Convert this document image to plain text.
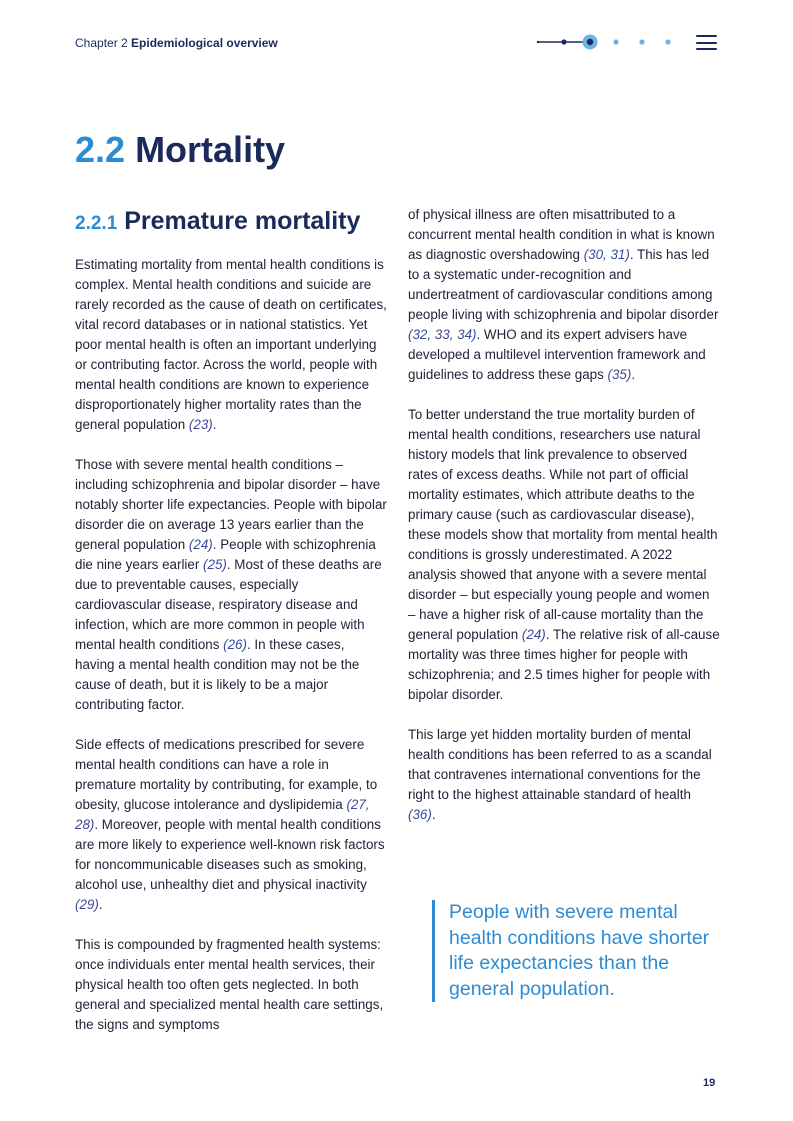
Chapter 2 Epidemiological overview
2.2 Mortality
2.2.1 Premature mortality

Estimating mortality from mental health conditions is complex. Mental health conditions and suicide are rarely recorded as the cause of death on certificates, vital record databases or in national statistics. Yet poor mental health is often an important underlying or contributing factor. Across the world, people with mental health conditions are known to experience disproportionately higher mortality rates than the general population (23).

Those with severe mental health conditions – including schizophrenia and bipolar disorder – have notably shorter life expectancies. People with bipolar disorder die on average 13 years earlier than the general population (24). People with schizophrenia die nine years earlier (25). Most of these deaths are due to preventable causes, especially cardiovascular disease, respiratory disease and infection, which are more common in people with mental health conditions (26). In these cases, having a mental health condition may not be the cause of death, but it is likely to be a major contributing factor.

Side effects of medications prescribed for severe mental health conditions can have a role in premature mortality by contributing, for example, to obesity, glucose intolerance and dyslipidemia (27, 28). Moreover, people with mental health conditions are more likely to experience well-known risk factors for noncommunicable diseases such as smoking, alcohol use, unhealthy diet and physical inactivity (29).

This is compounded by fragmented health systems: once individuals enter mental health services, their physical health too often gets neglected. In both general and specialized mental health care settings, the signs and symptoms

of physical illness are often misattributed to a concurrent mental health condition in what is known as diagnostic overshadowing (30, 31). This has led to a systematic under-recognition and undertreatment of cardiovascular conditions among people living with schizophrenia and bipolar disorder (32, 33, 34). WHO and its expert advisers have developed a multilevel intervention framework and guidelines to address these gaps (35).

To better understand the true mortality burden of mental health conditions, researchers use natural history models that link prevalence to observed rates of excess deaths. While not part of official mortality estimates, which attribute deaths to the primary cause (such as cardiovascular disease), these models show that mortality from mental health conditions is grossly underestimated. A 2022 analysis showed that anyone with a severe mental disorder – but especially young people and women – have a higher risk of all-cause mortality than the general population (24). The relative risk of all-cause mortality was three times higher for people with schizophrenia; and 2.5 times higher for people with bipolar disorder.

This large yet hidden mortality burden of mental health conditions has been referred to as a scandal that contravenes international conventions for the right to the highest attainable standard of health (36).

People with severe mental health conditions have shorter life expectancies than the general population.
19
